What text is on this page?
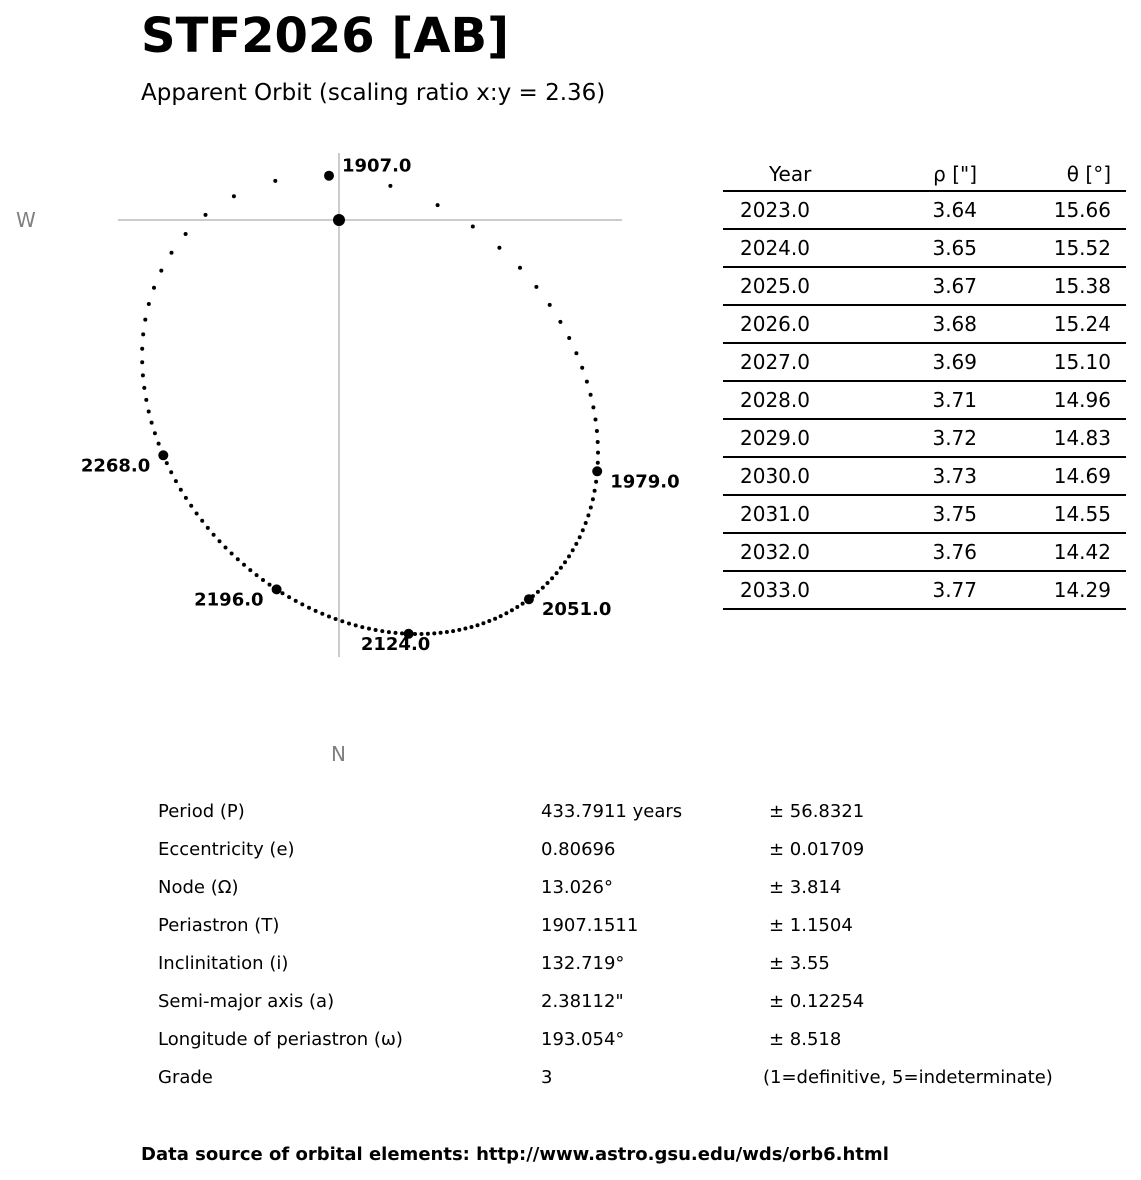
STF2026 [AB]
Apparent Orbit (scaling ratio x:y = 2.36)
W
N
1907.0
1979.0
2051.0
2124.0
2196.0
2268.0
Year	ρ ["]	θ [°]
2023.0	3.64	15.66
2024.0	3.65	15.52
2025.0	3.67	15.38
2026.0	3.68	15.24
2027.0	3.69	15.10
2028.0	3.71	14.96
2029.0	3.72	14.83
2030.0	3.73	14.69
2031.0	3.75	14.55
2032.0	3.76	14.42
2033.0	3.77	14.29
Period (P)	433.7911 years	± 56.8321
Eccentricity (e)	0.80696	± 0.01709
Node (Ω)	13.026°	± 3.814
Periastron (T)	1907.1511	± 1.1504
Inclinitation (i)	132.719°	± 3.55
Semi-major axis (a)	2.38112"	± 0.12254
Longitude of periastron (ω)	193.054°	± 8.518
Grade	3	(1=definitive, 5=indeterminate)
Data source of orbital elements: http://www.astro.gsu.edu/wds/orb6.html
